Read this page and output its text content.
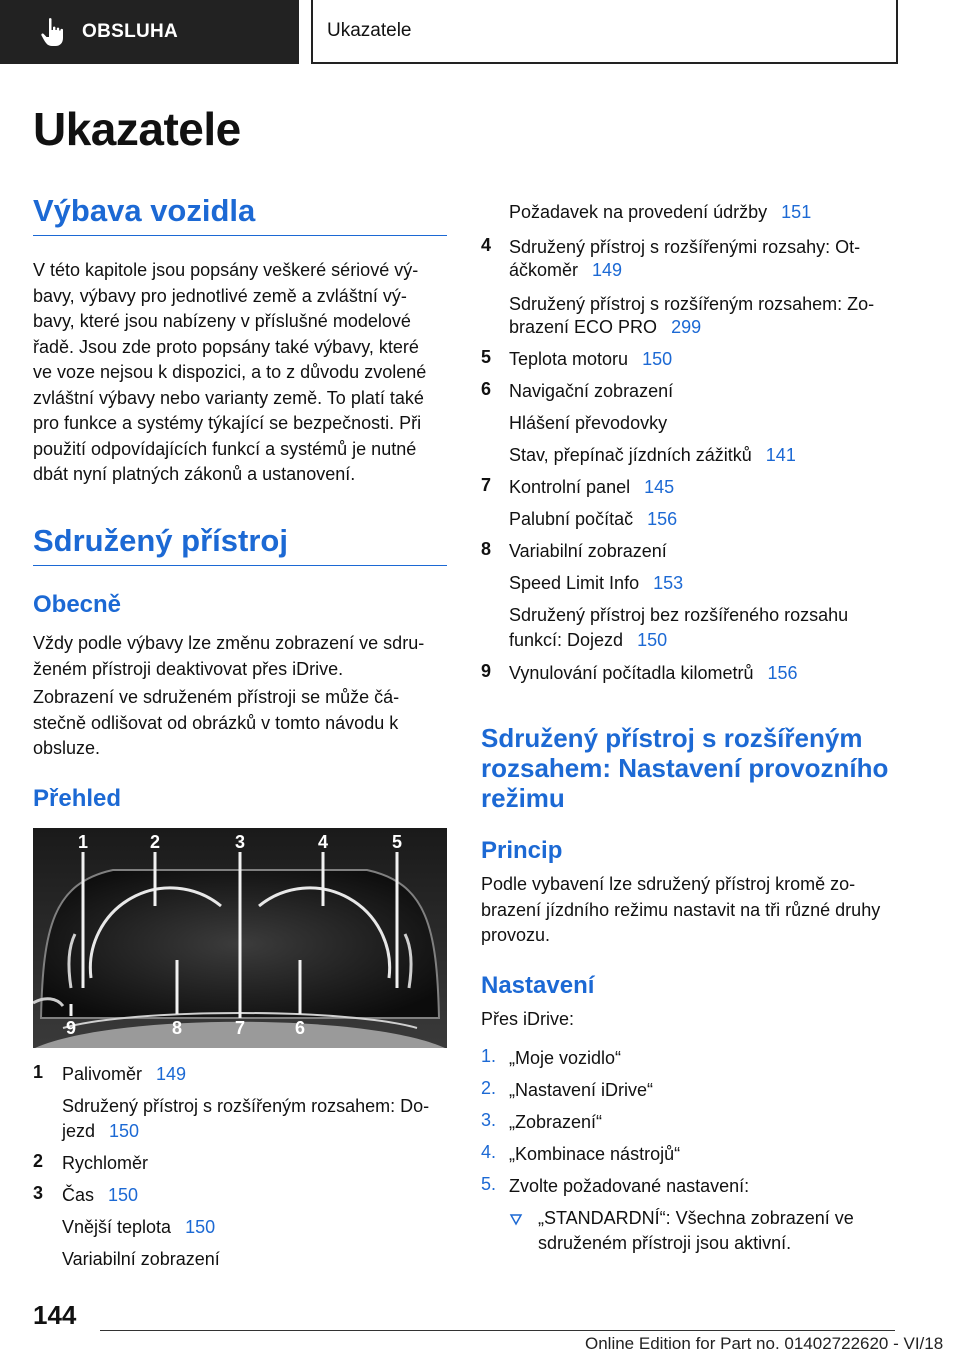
OBSLUHA	Ukazatele
Ukazatele
Výbava vozidla
V této kapitole jsou popsány veškeré sériové vý‐
bavy, výbavy pro jednotlivé země a zvláštní vý‐
bavy, které jsou nabízeny v příslušné modelové
řadě. Jsou zde proto popsány také výbavy, které
ve voze nejsou k dispozici, a to z důvodu zvolené
zvláštní výbavy nebo varianty země. To platí také
pro funkce a systémy týkající se bezpečnosti. Při
použití odpovídajících funkcí a systémů je nutné
dbát nyní platných zákonů a ustanovení.
Sdružený přístroj
Obecně
Vždy podle výbavy lze změnu zobrazení ve sdru‐
ženém přístroji deaktivovat přes iDrive.
Zobrazení ve sdruženém přístroji se může čá‐
stečně odlišovat od obrázků v tomto návodu k
obsluze.
Přehled
1	2	3	4	5
6
7
8
9
1 Palivoměr 149
Sdružený přístroj s rozšířeným rozsahem: Do‐
jezd 150
2 Rychloměr
3 Čas 150
Vnější teplota 150
Variabilní zobrazení
Požadavek na provedení údržby 151
4 Sdružený přístroj s rozšířenými rozsahy: Ot‐
áčkoměr 149
Sdružený přístroj s rozšířeným rozsahem: Zo‐
brazení ECO PRO 299
5 Teplota motoru 150
6 Navigační zobrazení
Hlášení převodovky
Stav, přepínač jízdních zážitků 141
7 Kontrolní panel 145
Palubní počítač 156
8 Variabilní zobrazení
Speed Limit Info 153
Sdružený přístroj bez rozšířeného rozsahu
funkcí: Dojezd 150
9 Vynulování počítadla kilometrů 156
Sdružený přístroj s rozšířeným
rozsahem: Nastavení provozního
režimu
Princip
Podle vybavení lze sdružený přístroj kromě zo‐
brazení jízdního režimu nastavit na tři různé druhy
provozu.
Nastavení
Přes iDrive:
1. „Moje vozidlo“
2. „Nastavení iDrive“
3. „Zobrazení“
4. „Kombinace nástrojů“
5. Zvolte požadované nastavení:
„STANDARDNÍ“: Všechna zobrazení ve
sdruženém přístroji jsou aktivní.
144
Online Edition for Part no. 01402722620 - VI/18
